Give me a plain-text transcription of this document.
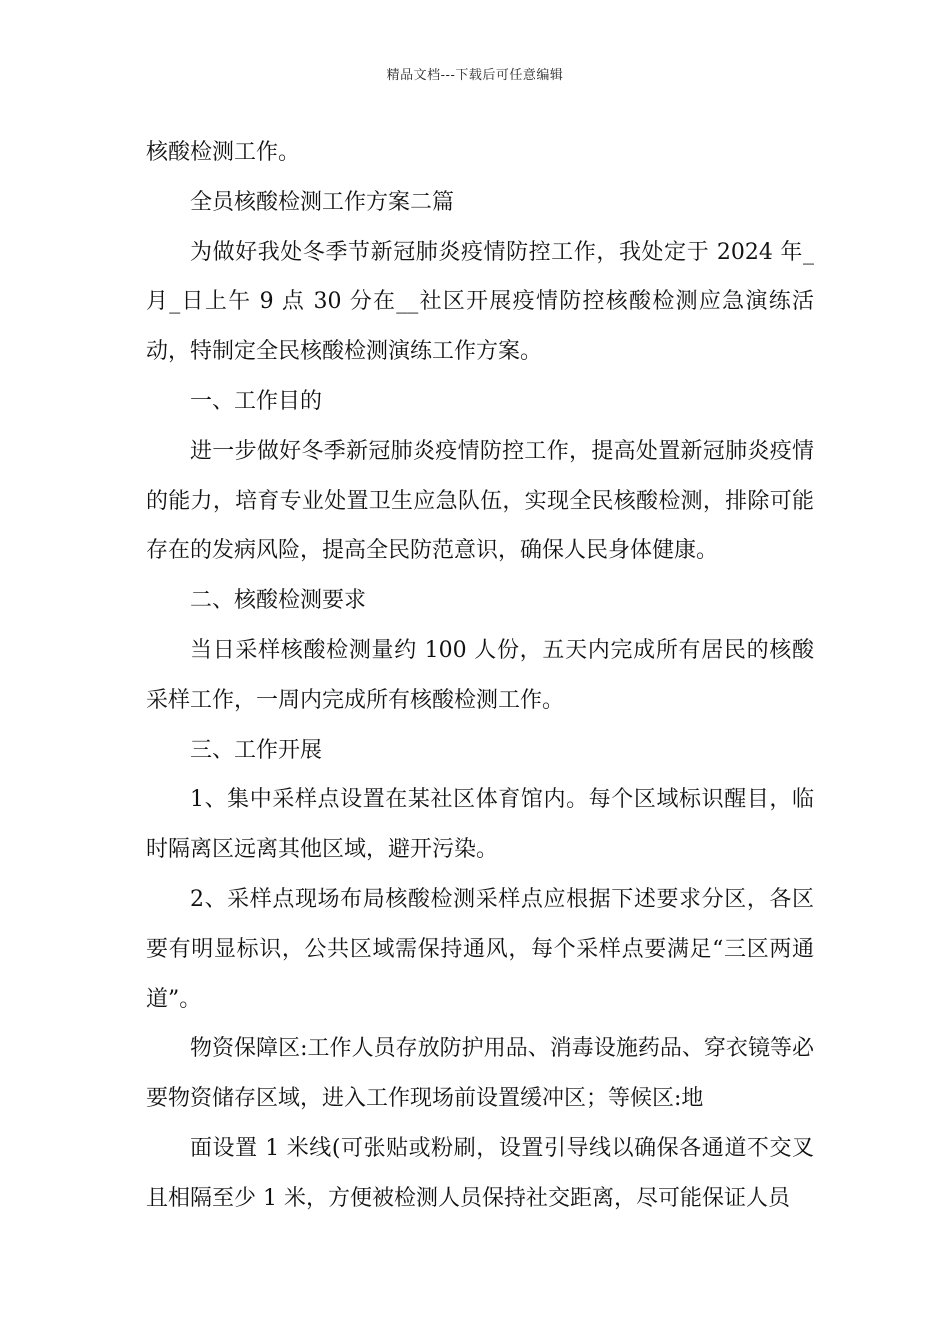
精品文档---下载后可任意编辑

核酸检测工作。

全员核酸检测工作方案二篇

为做好我处冬季节新冠肺炎疫情防控工作，我处定于 2024 年_月_日上午 9 点 30 分在__社区开展疫情防控核酸检测应急演练活动，特制定全民核酸检测演练工作方案。

一、工作目的

进一步做好冬季新冠肺炎疫情防控工作，提高处置新冠肺炎疫情的能力，培育专业处置卫生应急队伍，实现全民核酸检测，排除可能存在的发病风险，提高全民防范意识，确保人民身体健康。

二、核酸检测要求

当日采样核酸检测量约 100 人份，五天内完成所有居民的核酸采样工作，一周内完成所有核酸检测工作。

三、工作开展

1、集中采样点设置在某社区体育馆内。每个区域标识醒目，临时隔离区远离其他区域，避开污染。

2、采样点现场布局核酸检测采样点应根据下述要求分区，各区要有明显标识，公共区域需保持通风，每个采样点要满足“三区两通道”。

物资保障区:工作人员存放防护用品、消毒设施药品、穿衣镜等必要物资储存区域，进入工作现场前设置缓冲区；等候区:地

面设置 1 米线(可张贴或粉刷，设置引导线以确保各通道不交叉且相隔至少 1 米，方便被检测人员保持社交距离，尽可能保证人员
